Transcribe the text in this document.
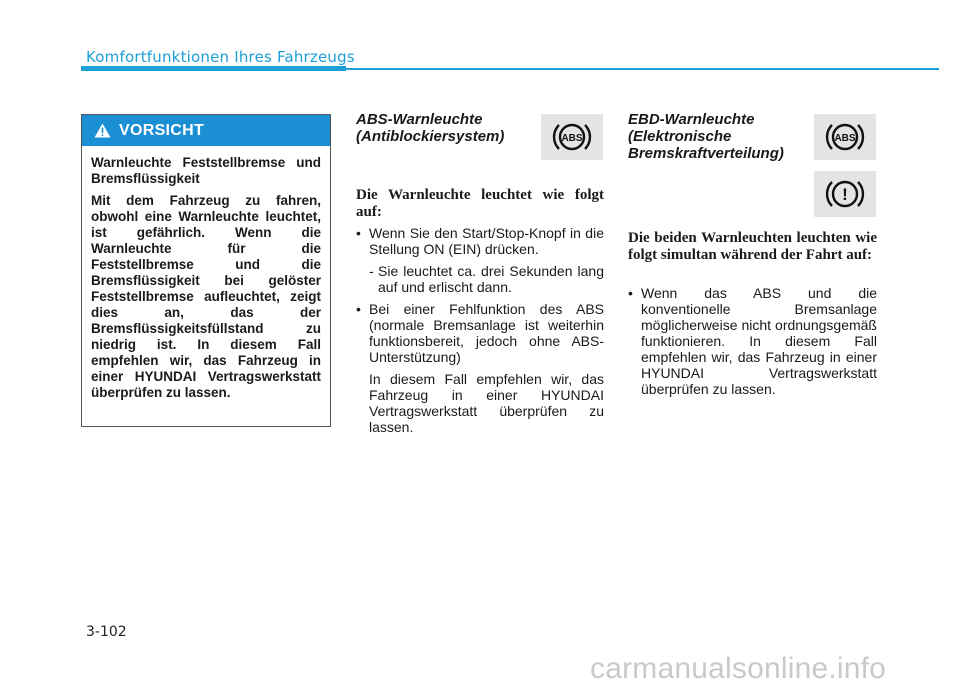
Komfortfunktionen Ihres Fahrzeugs
VORSICHT

Warnleuchte Feststellbremse und Bremsflüssigkeit

Mit dem Fahrzeug zu fahren, obwohl eine Warnleuchte leuchtet, ist gefährlich. Wenn die Warnleuchte für die Feststellbremse und die Bremsflüssigkeit bei gelöster Feststellbremse aufleuchtet, zeigt dies an, das der Bremsflüssigkeitsfüllstand zu niedrig ist. In diesem Fall empfehlen wir, das Fahrzeug in einer HYUNDAI Vertragswerkstatt überprüfen zu lassen.

ABS-Warnleuchte
(Antiblockiersystem)	ABS
Die Warnleuchte leuchtet wie folgt auf:
• Wenn Sie den Start/Stop-Knopf in die Stellung ON (EIN) drücken.
- Sie leuchtet ca. drei Sekunden lang auf und erlischt dann.
• Bei einer Fehlfunktion des ABS (normale Bremsanlage ist weiterhin funktionsbereit, jedoch ohne ABS-Unterstützung)
In diesem Fall empfehlen wir, das Fahrzeug in einer HYUNDAI Vertragswerkstatt überprüfen zu lassen.
EBD-Warnleuchte
(Elektronische
Bremskraftverteilung)
ABS
!
Die beiden Warnleuchten leuchten wie folgt simultan während der Fahrt auf:
• Wenn das ABS und die konventionelle Bremsanlage möglicherweise nicht ordnungsgemäß funktionieren. In diesem Fall empfehlen wir, das Fahrzeug in einer HYUNDAI Vertragswerkstatt überprüfen zu lassen.
3-102
carmanualsonline.info
